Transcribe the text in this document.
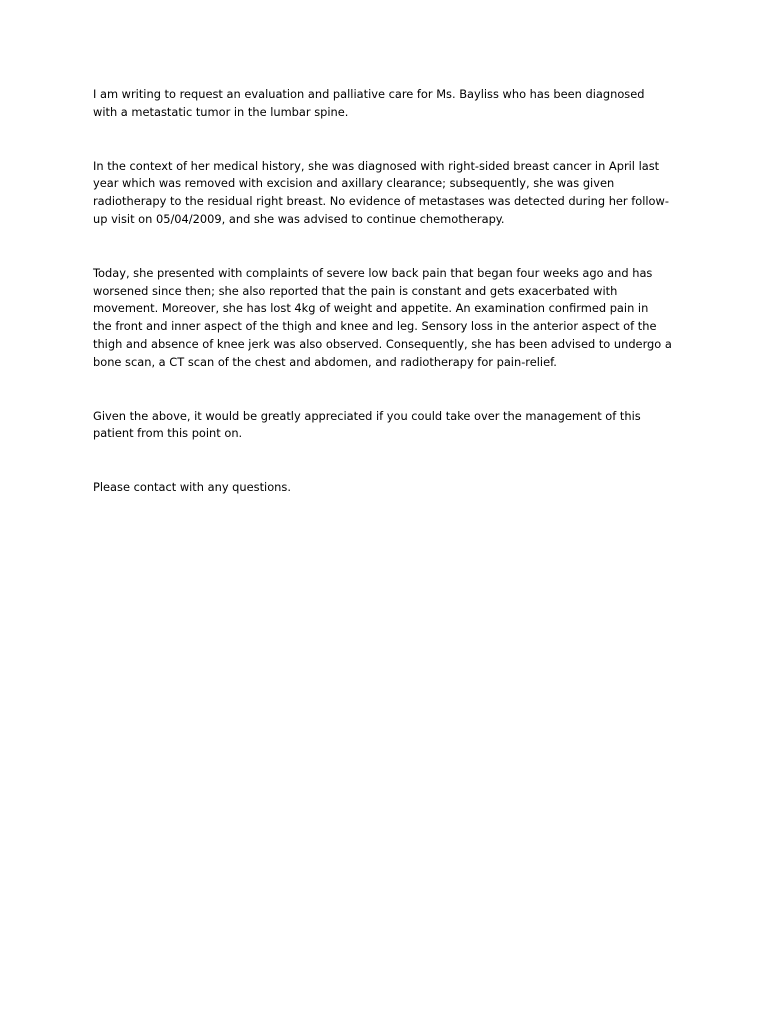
I am writing to request an evaluation and palliative care for Ms. Bayliss who has been diagnosed
with a metastatic tumor in the lumbar spine.

In the context of her medical history, she was diagnosed with right-sided breast cancer in April last
year which was removed with excision and axillary clearance; subsequently, she was given
radiotherapy to the residual right breast. No evidence of metastases was detected during her follow-
up visit on 05/04/2009, and she was advised to continue chemotherapy.

Today, she presented with complaints of severe low back pain that began four weeks ago and has
worsened since then; she also reported that the pain is constant and gets exacerbated with
movement. Moreover, she has lost 4kg of weight and appetite. An examination confirmed pain in
the front and inner aspect of the thigh and knee and leg. Sensory loss in the anterior aspect of the
thigh and absence of knee jerk was also observed. Consequently, she has been advised to undergo a
bone scan, a CT scan of the chest and abdomen, and radiotherapy for pain-relief.

Given the above, it would be greatly appreciated if you could take over the management of this
patient from this point on.

Please contact with any questions.
